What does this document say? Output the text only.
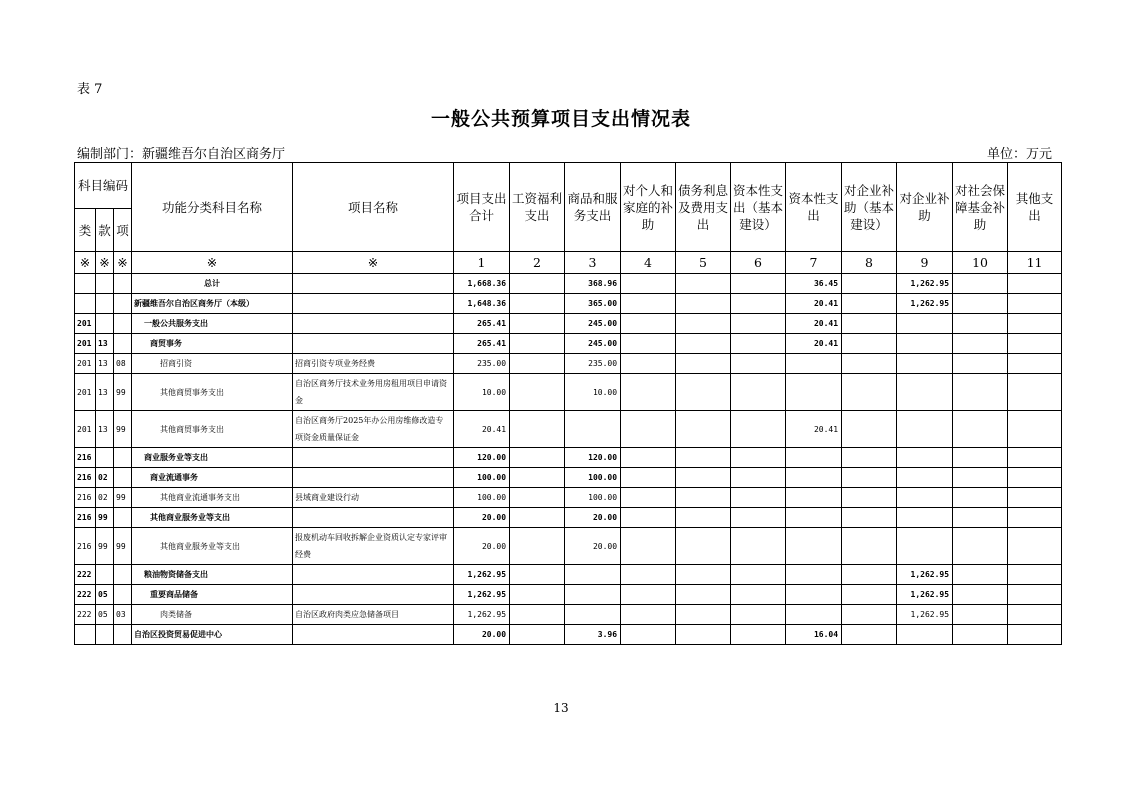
表 7
一般公共预算项目支出情况表
编制部门：新疆维吾尔自治区商务厅	单位：万元
科目编码			功能分类科目名称	项目名称	项目支出合计	工资福利支出	商品和服务支出	对个人和家庭的补助	债务利息及费用支出	资本性支出（基本建设）	资本性支出	对企业补助（基本建设）	对企业补助	对社会保障基金补助	其他支出
类	款	项													
※	※	※	※	※	1	2	3	4	5	6	7	8	9	10	11
			总计		1,668.36		368.96				36.45		1,262.95		
			新疆维吾尔自治区商务厅（本级）		1,648.36		365.00				20.41		1,262.95		
201			一般公共服务支出		265.41		245.00				20.41				
201	13		商贸事务		265.41		245.00				20.41				
201	13	08	招商引资	招商引资专项业务经费	235.00		235.00								
201	13	99	其他商贸事务支出	自治区商务厅技术业务用房租用项目申请资金	10.00		10.00								
201	13	99	其他商贸事务支出	自治区商务厅2025年办公用房维修改造专项资金质量保证金	20.41						20.41				
216			商业服务业等支出		120.00		120.00								
216	02		商业流通事务		100.00		100.00								
216	02	99	其他商业流通事务支出	县域商业建设行动	100.00		100.00								
216	99		其他商业服务业等支出		20.00		20.00								
216	99	99	其他商业服务业等支出	报废机动车回收拆解企业资质认定专家评审经费	20.00		20.00								
222			粮油物资储备支出		1,262.95								1,262.95		
222	05		重要商品储备		1,262.95								1,262.95		
222	05	03	肉类储备	自治区政府肉类应急储备项目	1,262.95								1,262.95		
			自治区投资贸易促进中心		20.00		3.96				16.04				
13
